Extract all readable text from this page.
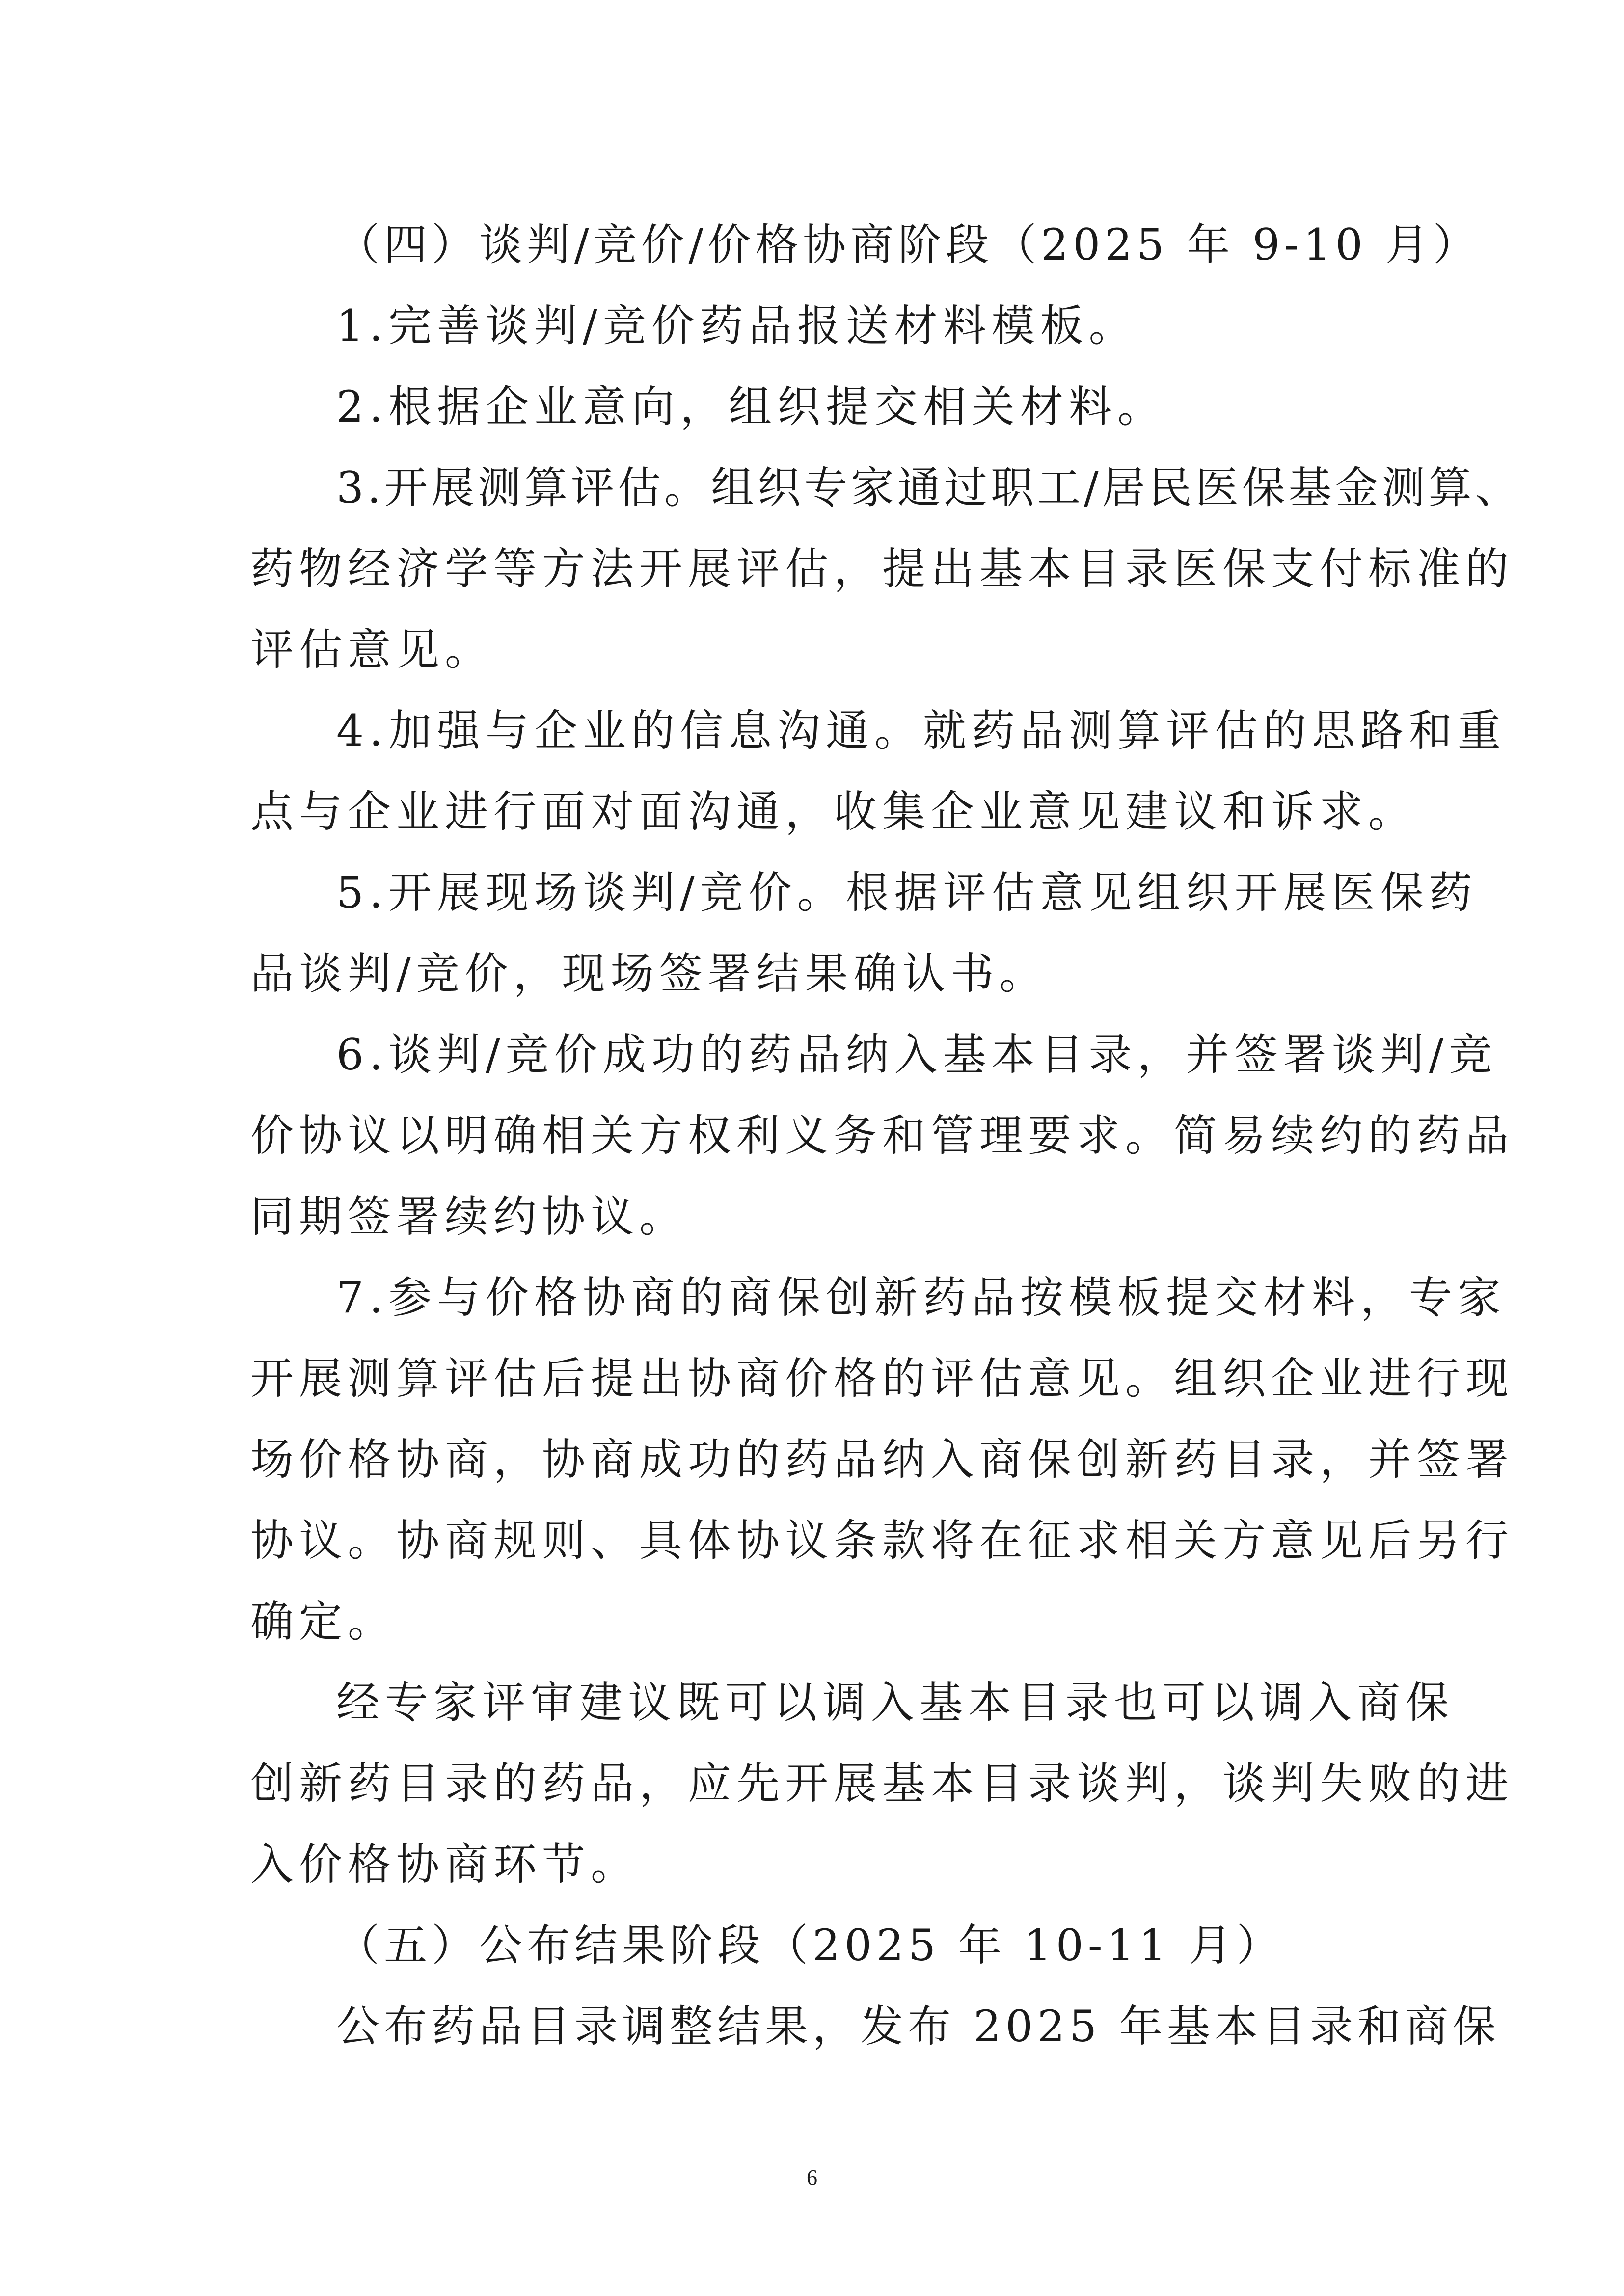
（四）谈判/竞价/价格协商阶段（2025 年 9-10 月）
1.完善谈判/竞价药品报送材料模板。
2.根据企业意向，组织提交相关材料。
3.开展测算评估。组织专家通过职工/居民医保基金测算、
药物经济学等方法开展评估，提出基本目录医保支付标准的
评估意见。
4.加强与企业的信息沟通。就药品测算评估的思路和重
点与企业进行面对面沟通，收集企业意见建议和诉求。
5.开展现场谈判/竞价。根据评估意见组织开展医保药
品谈判/竞价，现场签署结果确认书。
6.谈判/竞价成功的药品纳入基本目录，并签署谈判/竞
价协议以明确相关方权利义务和管理要求。简易续约的药品
同期签署续约协议。
7.参与价格协商的商保创新药品按模板提交材料，专家
开展测算评估后提出协商价格的评估意见。组织企业进行现
场价格协商，协商成功的药品纳入商保创新药目录，并签署
协议。协商规则、具体协议条款将在征求相关方意见后另行
确定。
经专家评审建议既可以调入基本目录也可以调入商保
创新药目录的药品，应先开展基本目录谈判，谈判失败的进
入价格协商环节。
（五）公布结果阶段（2025 年 10-11 月）
公布药品目录调整结果，发布 2025 年基本目录和商保
6
